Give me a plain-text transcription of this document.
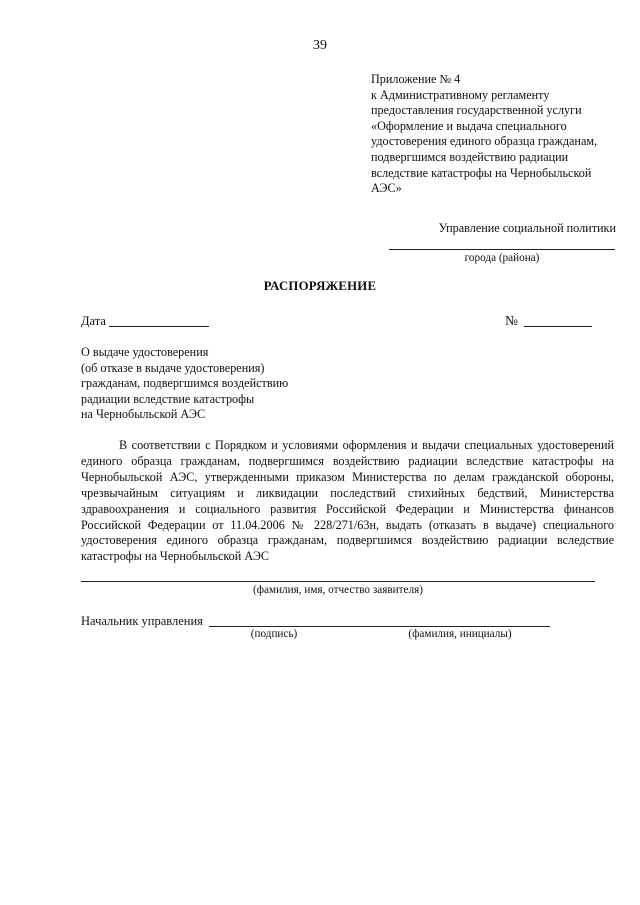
39
Приложение № 4
к Административному регламенту
предоставления государственной услуги
«Оформление и выдача специального
удостоверения единого образца гражданам,
подвергшимся воздействию радиации
вследствие катастрофы на Чернобыльской
АЭС»
Управление социальной политики
города (района)
РАСПОРЯЖЕНИЕ
Дата	№
О выдаче удостоверения
(об отказе в выдаче удостоверения)
гражданам, подвергшимся воздействию
радиации вследствие катастрофы
на Чернобыльской АЭС
В соответствии с Порядком и условиями оформления и выдачи специальных удостоверений единого образца гражданам, подвергшимся воздействию радиации вследствие катастрофы на Чернобыльской АЭС, утвержденными приказом Министерства по делам гражданской обороны, чрезвычайным ситуациям и ликвидации последствий стихийных бедствий, Министерства здравоохранения и социального развития Российской Федерации и Министерства финансов Российской Федерации от 11.04.2006 № 228/271/63н, выдать (отказать в выдаче) специального удостоверения единого образца гражданам, подвергшимся воздействию радиации вследствие катастрофы на Чернобыльской АЭС
(фамилия, имя, отчество заявителя)
Начальник управления
(подпись)	(фамилия, инициалы)
